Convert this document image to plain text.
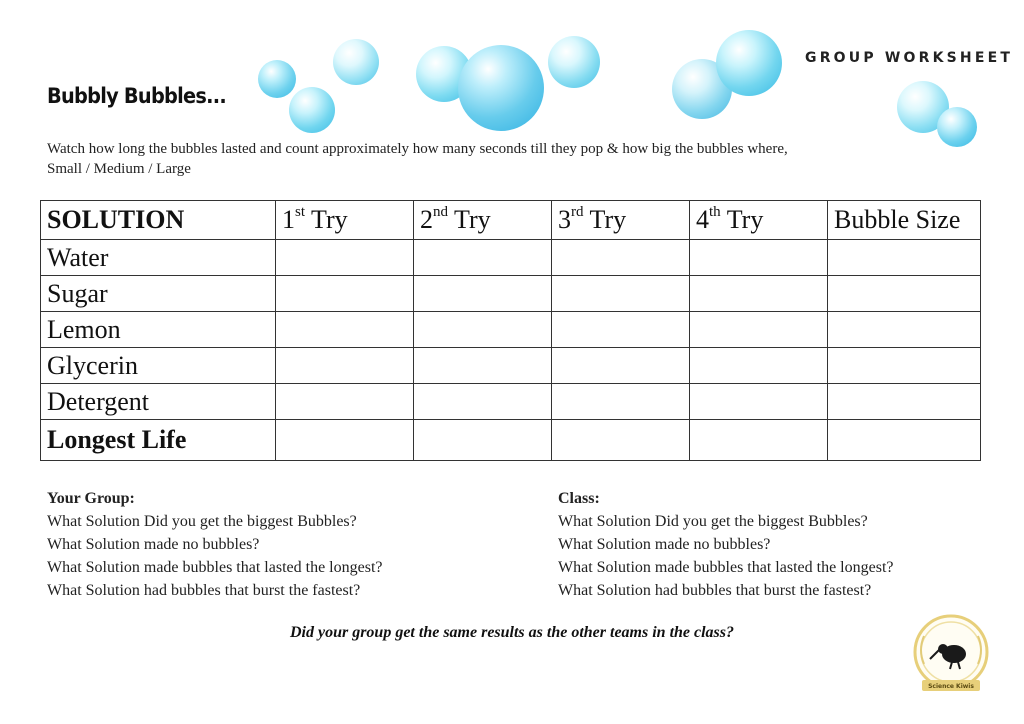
Bubbly Bubbles...
GROUP WORKSHEET
Watch how long the bubbles lasted and count approximately how many seconds till they pop & how big the bubbles where,
Small / Medium / Large
SOLUTION	1st Try	2nd Try	3rd Try	4th Try	Bubble Size
Water					
Sugar					
Lemon					
Glycerin					
Detergent					
Longest Life					
Your Group:
What Solution Did you get the biggest Bubbles?
What Solution made no bubbles?
What Solution made bubbles that lasted the longest?
What Solution had bubbles that burst the fastest?
Class:
What Solution Did you get the biggest Bubbles?
What Solution made no bubbles?
What Solution made bubbles that lasted the longest?
What Solution had bubbles that burst the fastest?
Did your group get the same results as the other teams in the class?
Science Kiwis
